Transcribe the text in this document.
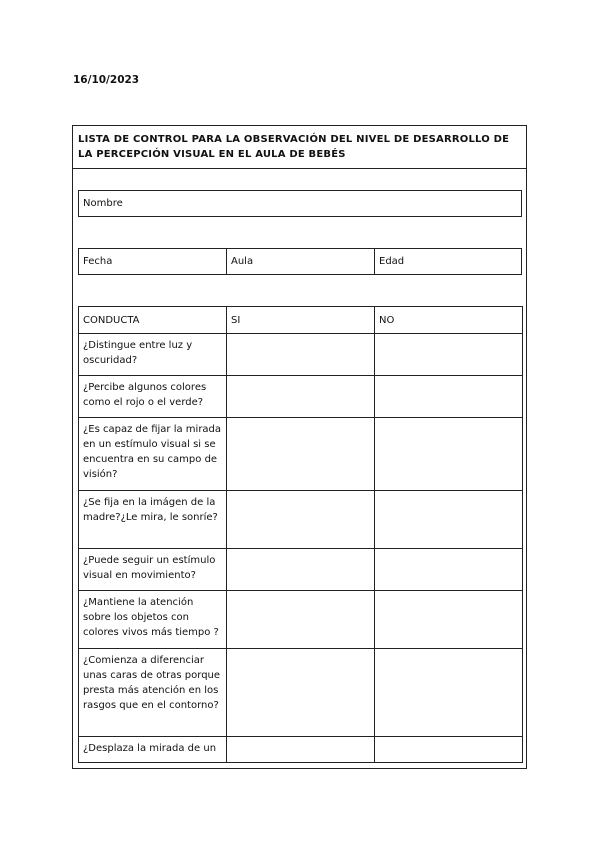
16/10/2023
LISTA DE CONTROL PARA LA OBSERVACIÓN DEL NIVEL DE DESARROLLO DE LA PERCEPCIÓN VISUAL EN EL AULA DE BEBÉS
Nombre
Fecha	Aula	Edad
CONDUCTA	SI	NO
¿Distingue entre luz y oscuridad?		
¿Percibe algunos colores como el rojo o el verde?		
¿Es capaz de fijar la mirada en un estímulo visual si se encuentra en su campo de visión?		
¿Se fija en la imágen de la madre?¿Le mira, le sonríe?		
¿Puede seguir un estímulo visual en movimiento?		
¿Mantiene la atención sobre los objetos con colores vivos más tiempo ?		
¿Comienza a diferenciar unas caras de otras porque presta más atención en los rasgos que en el contorno?		
¿Desplaza la mirada de un		
